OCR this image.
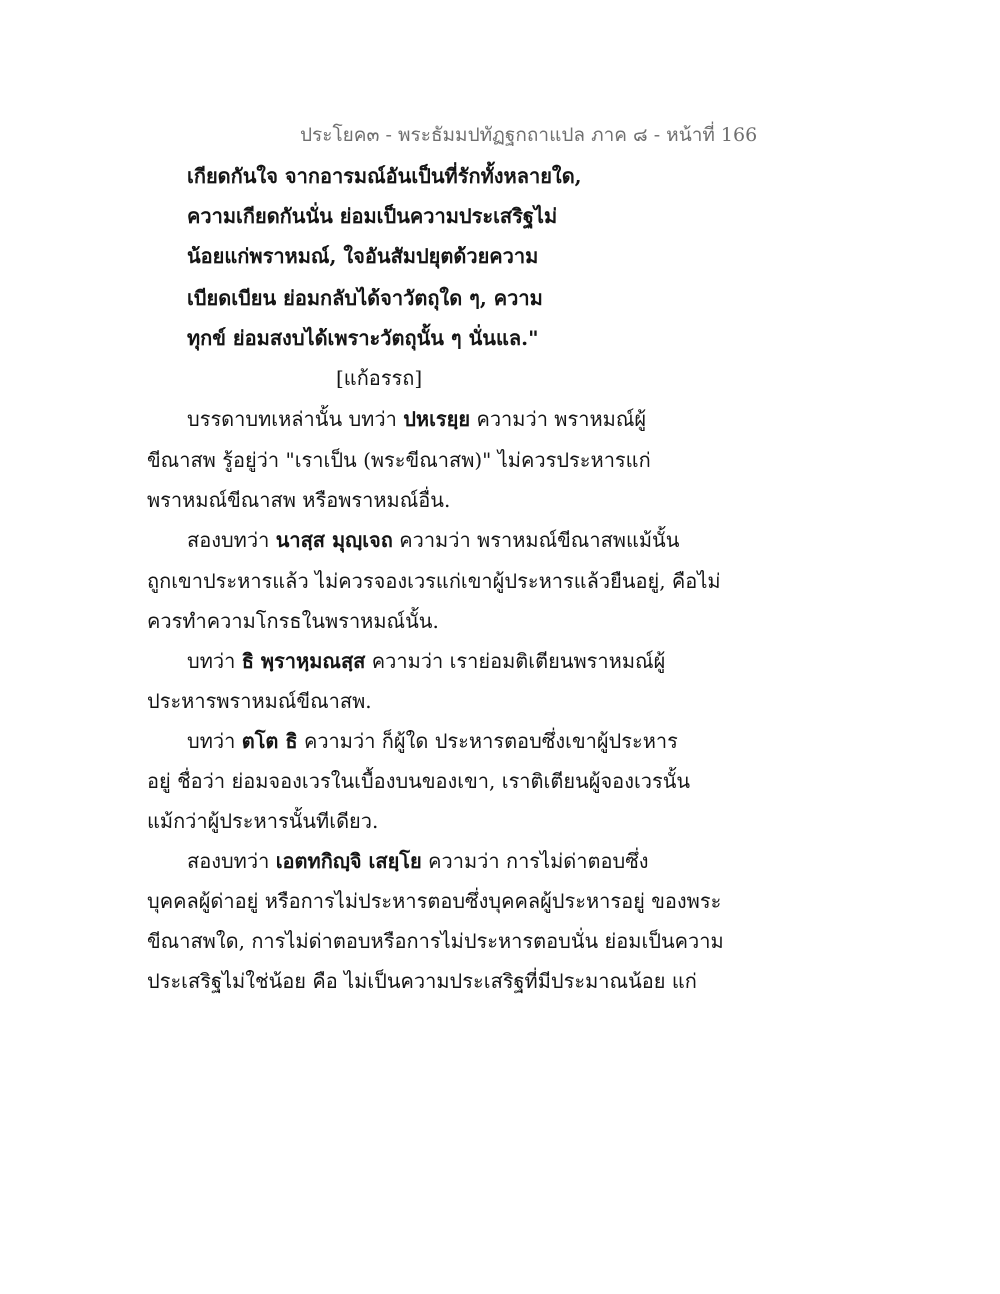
ประโยค๓ - พระธัมมปทัฏฐกถาแปล ภาค ๘ - หน้าที่ 166
เกียดกันใจ จากอารมณ์อันเป็นที่รักทั้งหลายใด,
ความเกียดกันนั่น ย่อมเป็นความประเสริฐไม่
น้อยแก่พราหมณ์, ใจอันสัมปยุตด้วยความ
เบียดเบียน ย่อมกลับได้จาวัตถุใด ๆ, ความ
ทุกข์ ย่อมสงบได้เพราะวัตถุนั้น ๆ นั่นแล."
[แก้อรรถ]
บรรดาบทเหล่านั้น บทว่า ปหเรยฺย ความว่า พราหมณ์ผู้
ขีณาสพ รู้อยู่ว่า "เราเป็น (พระขีณาสพ)" ไม่ควรประหารแก่
พราหมณ์ขีณาสพ หรือพราหมณ์อื่น.
สองบทว่า นาสฺส มุญฺเจถ ความว่า พราหมณ์ขีณาสพแม้นั้น
ถูกเขาประหารแล้ว ไม่ควรจองเวรแก่เขาผู้ประหารแล้วยืนอยู่, คือไม่
ควรทำความโกรธในพราหมณ์นั้น.
บทว่า ธิ พฺราหฺมณสฺส ความว่า เราย่อมติเตียนพราหมณ์ผู้
ประหารพราหมณ์ขีณาสพ.
บทว่า ตโต ธิ ความว่า ก็ผู้ใด ประหารตอบซึ่งเขาผู้ประหาร
อยู่ ชื่อว่า ย่อมจองเวรในเบื้องบนของเขา, เราติเตียนผู้จองเวรนั้น
แม้กว่าผู้ประหารนั้นทีเดียว.
สองบทว่า เอตทกิญฺจิ เสยฺโย ความว่า การไม่ด่าตอบซึ่ง
บุคคลผู้ด่าอยู่ หรือการไม่ประหารตอบซึ่งบุคคลผู้ประหารอยู่ ของพระ
ขีณาสพใด, การไม่ด่าตอบหรือการไม่ประหารตอบนั่น ย่อมเป็นความ
ประเสริฐไม่ใช่น้อย คือ ไม่เป็นความประเสริฐที่มีประมาณน้อย แก่
